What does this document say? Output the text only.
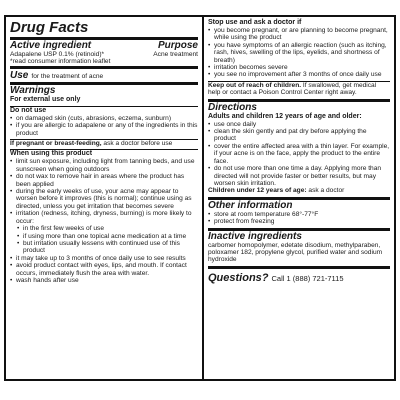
Drug Facts
Active ingredient	Purpose
Adapalene USP 0.1% (retinoid)*	Acne treatment
*read consumer information leaflet
Use for the treatment of acne
Warnings
For external use only
Do not use
• on damaged skin (cuts, abrasions, eczema, sunburn)
• if you are allergic to adapalene or any of the ingredients in this product
If pregnant or breast-feeding, ask a doctor before use
When using this product
• limit sun exposure, including light from tanning beds, and use sunscreen when going outdoors
• do not wax to remove hair in areas where the product has been applied
• during the early weeks of use, your acne may appear to worsen before it improves (this is normal); continue using as directed, unless you get irritation that becomes severe
• irritation (redness, itching, dryness, burning) is more likely to occur:
• in the first few weeks of use
• if using more than one topical acne medication at a time
• but irritation usually lessens with continued use of this product
• it may take up to 3 months of once daily use to see results
• avoid product contact with eyes, lips, and mouth. If contact occurs, immediately flush the area with water.
• wash hands after use
Stop use and ask a doctor if
• you become pregnant, or are planning to become pregnant, while using the product
• you have symptoms of an allergic reaction (such as itching, rash, hives, swelling of the lips, eyelids, and shortness of breath)
• irritation becomes severe
• you see no improvement after 3 months of once daily use
Keep out of reach of children. If swallowed, get medical help or contact a Poison Control Center right away.
Directions
Adults and children 12 years of age and older:
• use once daily
• clean the skin gently and pat dry before applying the product
• cover the entire affected area with a thin layer. For example, if your acne is on the face, apply the product to the entire face.
• do not use more than one time a day. Applying more than directed will not provide faster or better results, but may worsen skin irritation.
Children under 12 years of age: ask a doctor
Other information
• store at room temperature 68°-77°F
• protect from freezing
Inactive ingredients
carbomer homopolymer, edetate disodium, methylparaben, poloxamer 182, propylene glycol, purified water and sodium hydroxide
Questions? Call 1 (888) 721-7115
